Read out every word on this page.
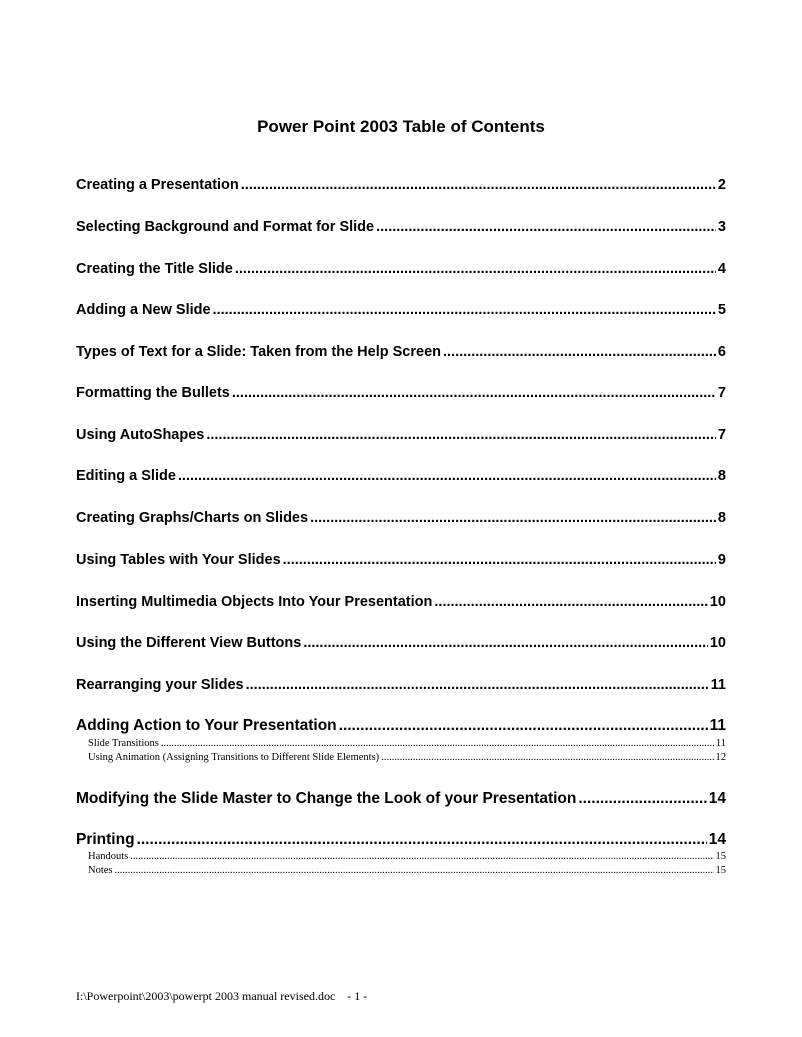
Power Point 2003 Table of Contents
Creating a Presentation .....	2
Selecting Background and Format for Slide .....	3
Creating the Title Slide .....	4
Adding a New Slide .....	5
Types of Text for a Slide: Taken from the Help Screen .....	6
Formatting the Bullets .....	7
Using AutoShapes .....	7
Editing a Slide .....	8
Creating Graphs/Charts on Slides .....	8
Using Tables with Your Slides .....	9
Inserting Multimedia Objects Into Your Presentation .....	10
Using the Different View Buttons .....	10
Rearranging your Slides .....	11
Adding Action to Your Presentation .....	11
Slide Transitions .....	11
Using Animation (Assigning Transitions to Different Slide Elements) .....	12
Modifying the Slide Master to Change the Look of your Presentation .....	14
Printing .....	14
Handouts .....	15
Notes .....	15
I:\Powerpoint\2003\powerpt 2003 manual revised.doc    - 1 -
